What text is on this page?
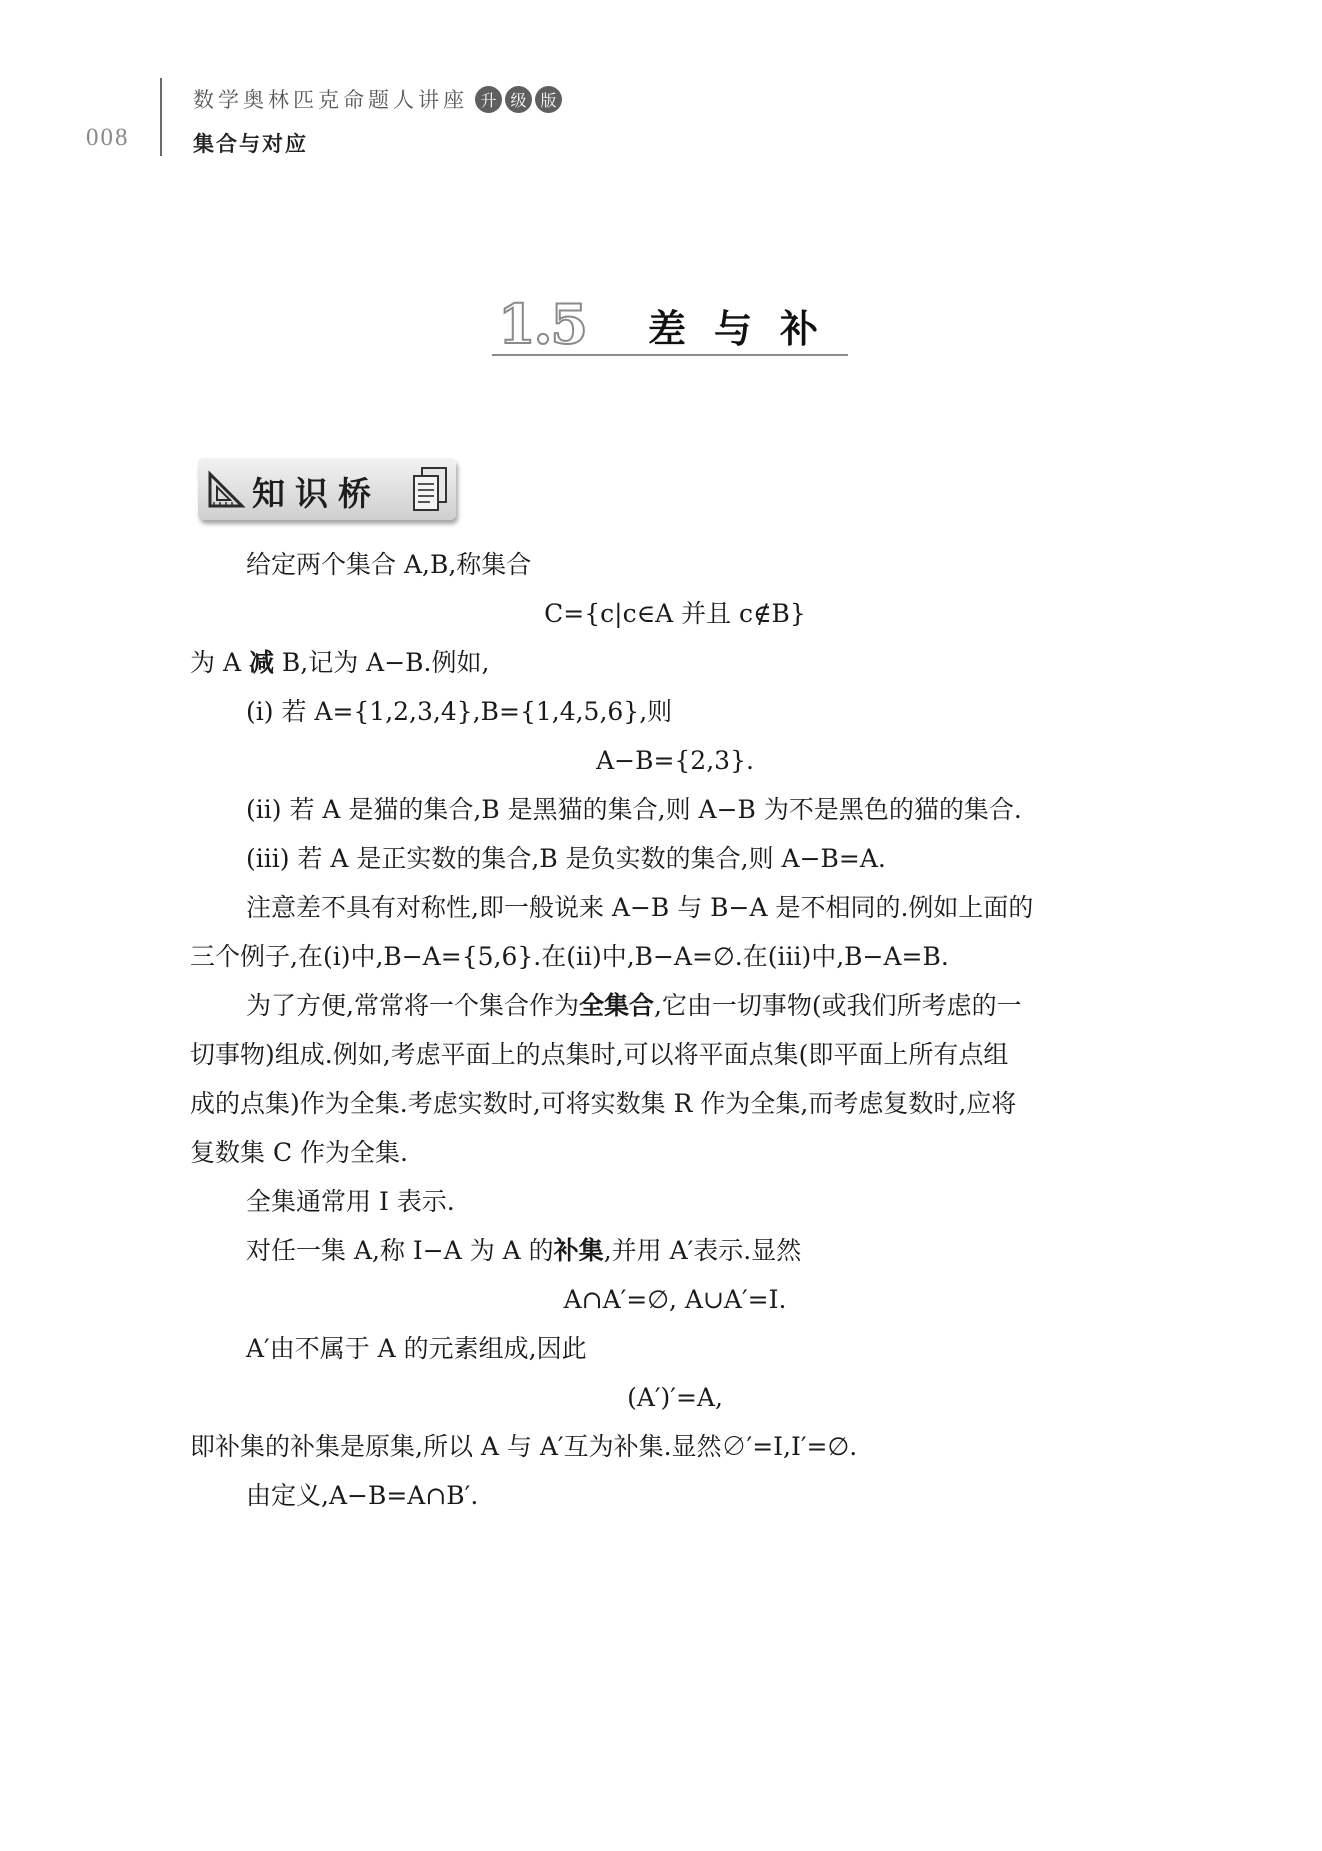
008
数学奥林匹克命题人讲座 升 级 版
集合与对应
1.5 差与补
知识桥

给定两个集合 A,B,称集合

C={c|c∈A 并且 c∉B}

为 A 减 B,记为 A−B.例如,

(i) 若 A={1,2,3,4},B={1,4,5,6},则

A−B={2,3}.

(ii) 若 A 是猫的集合,B 是黑猫的集合,则 A−B 为不是黑色的猫的集合.

(iii) 若 A 是正实数的集合,B 是负实数的集合,则 A−B=A.

注意差不具有对称性,即一般说来 A−B 与 B−A 是不相同的.例如上面的

三个例子,在(i)中,B−A={5,6}.在(ii)中,B−A=∅.在(iii)中,B−A=B.

为了方便,常常将一个集合作为全集合,它由一切事物(或我们所考虑的一

切事物)组成.例如,考虑平面上的点集时,可以将平面点集(即平面上所有点组

成的点集)作为全集.考虑实数时,可将实数集 R 作为全集,而考虑复数时,应将

复数集 C 作为全集.

全集通常用 I 表示.

对任一集 A,称 I−A 为 A 的补集,并用 A′表示.显然

A∩A′=∅, A∪A′=I.

A′由不属于 A 的元素组成,因此

(A′)′=A,

即补集的补集是原集,所以 A 与 A′互为补集.显然∅′=I,I′=∅.

由定义,A−B=A∩B′.
